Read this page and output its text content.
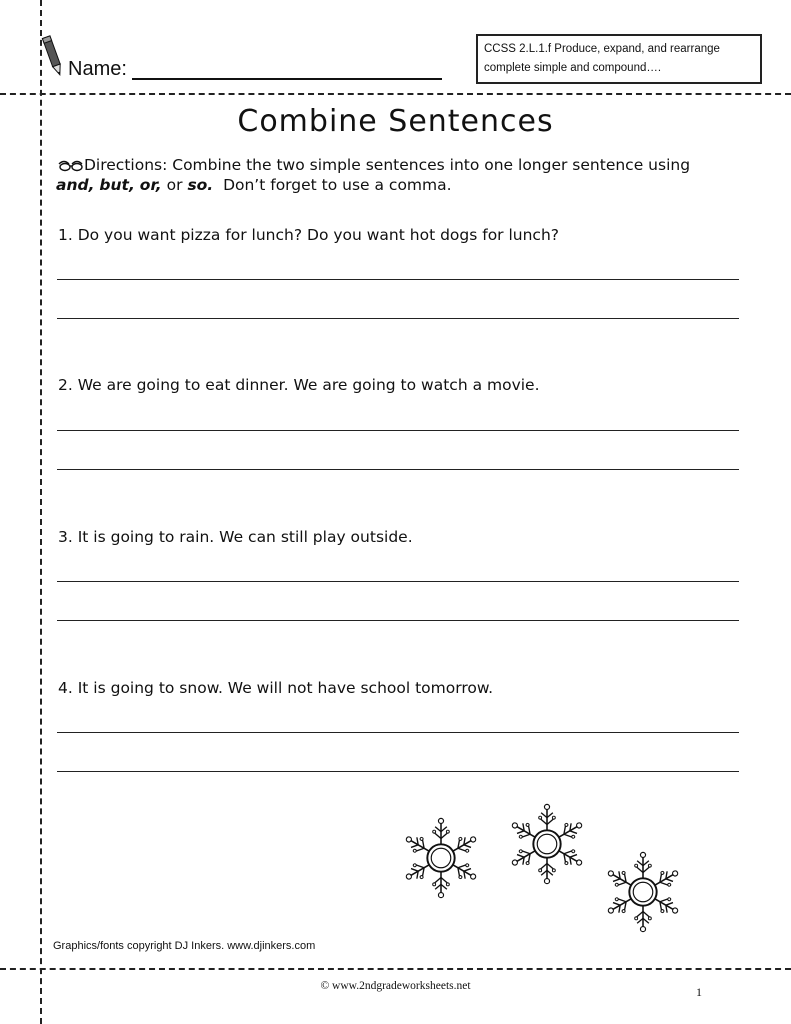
Name:
CCSS 2.L.1.f Produce, expand, and rearrange complete simple and compound….
Combine Sentences
Directions: Combine the two simple sentences into one longer sentence using
and, but, or, or so. Don’t forget to use a comma.
1. Do you want pizza for lunch? Do you want hot dogs for lunch?
2. We are going to eat dinner. We are going to watch a movie.
3. It is going to rain. We can still play outside.
4. It is going to snow. We will not have school tomorrow.
Graphics/fonts copyright DJ Inkers. www.djinkers.com
© www.2ndgradeworksheets.net	1
